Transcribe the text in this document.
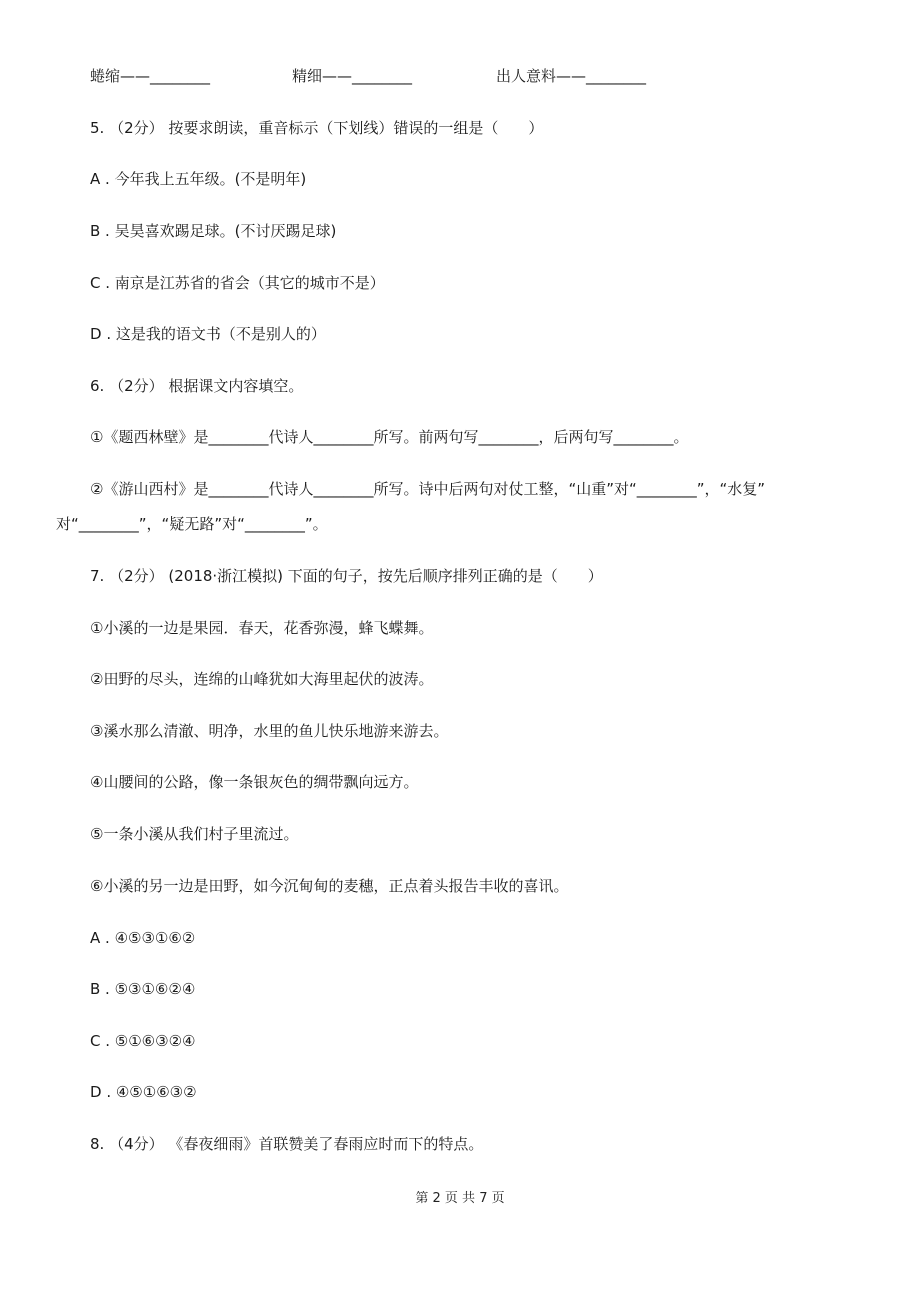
蜷缩——________	精细——________	出人意料——________
5. （2分） 按要求朗读，重音标示（下划线）错误的一组是（　　）
A . 今年我上五年级。(不是明年)
B . 吴昊喜欢踢足球。(不讨厌踢足球)
C . 南京是江苏省的省会（其它的城市不是）
D . 这是我的语文书（不是别人的）
6. （2分） 根据课文内容填空。
①《题西林壁》是________代诗人________所写。前两句写________，后两句写________。
②《游山西村》是________代诗人________所写。诗中后两句对仗工整，“山重”对“________”，“水复”
对“________”，“疑无路”对“________”。
7. （2分） (2018·浙江模拟) 下面的句子，按先后顺序排列正确的是（　　）
①小溪的一边是果园．春天，花香弥漫，蜂飞蝶舞。
②田野的尽头，连绵的山峰犹如大海里起伏的波涛。
③溪水那么清澈、明净，水里的鱼儿快乐地游来游去。
④山腰间的公路，像一条银灰色的绸带飘向远方。
⑤一条小溪从我们村子里流过。
⑥小溪的另一边是田野，如今沉甸甸的麦穗，正点着头报告丰收的喜讯。
A . ④⑤③①⑥②
B . ⑤③①⑥②④
C . ⑤①⑥③②④
D . ④⑤①⑥③②
8. （4分） 《春夜细雨》首联赞美了春雨应时而下的特点。
第 2 页 共 7 页
